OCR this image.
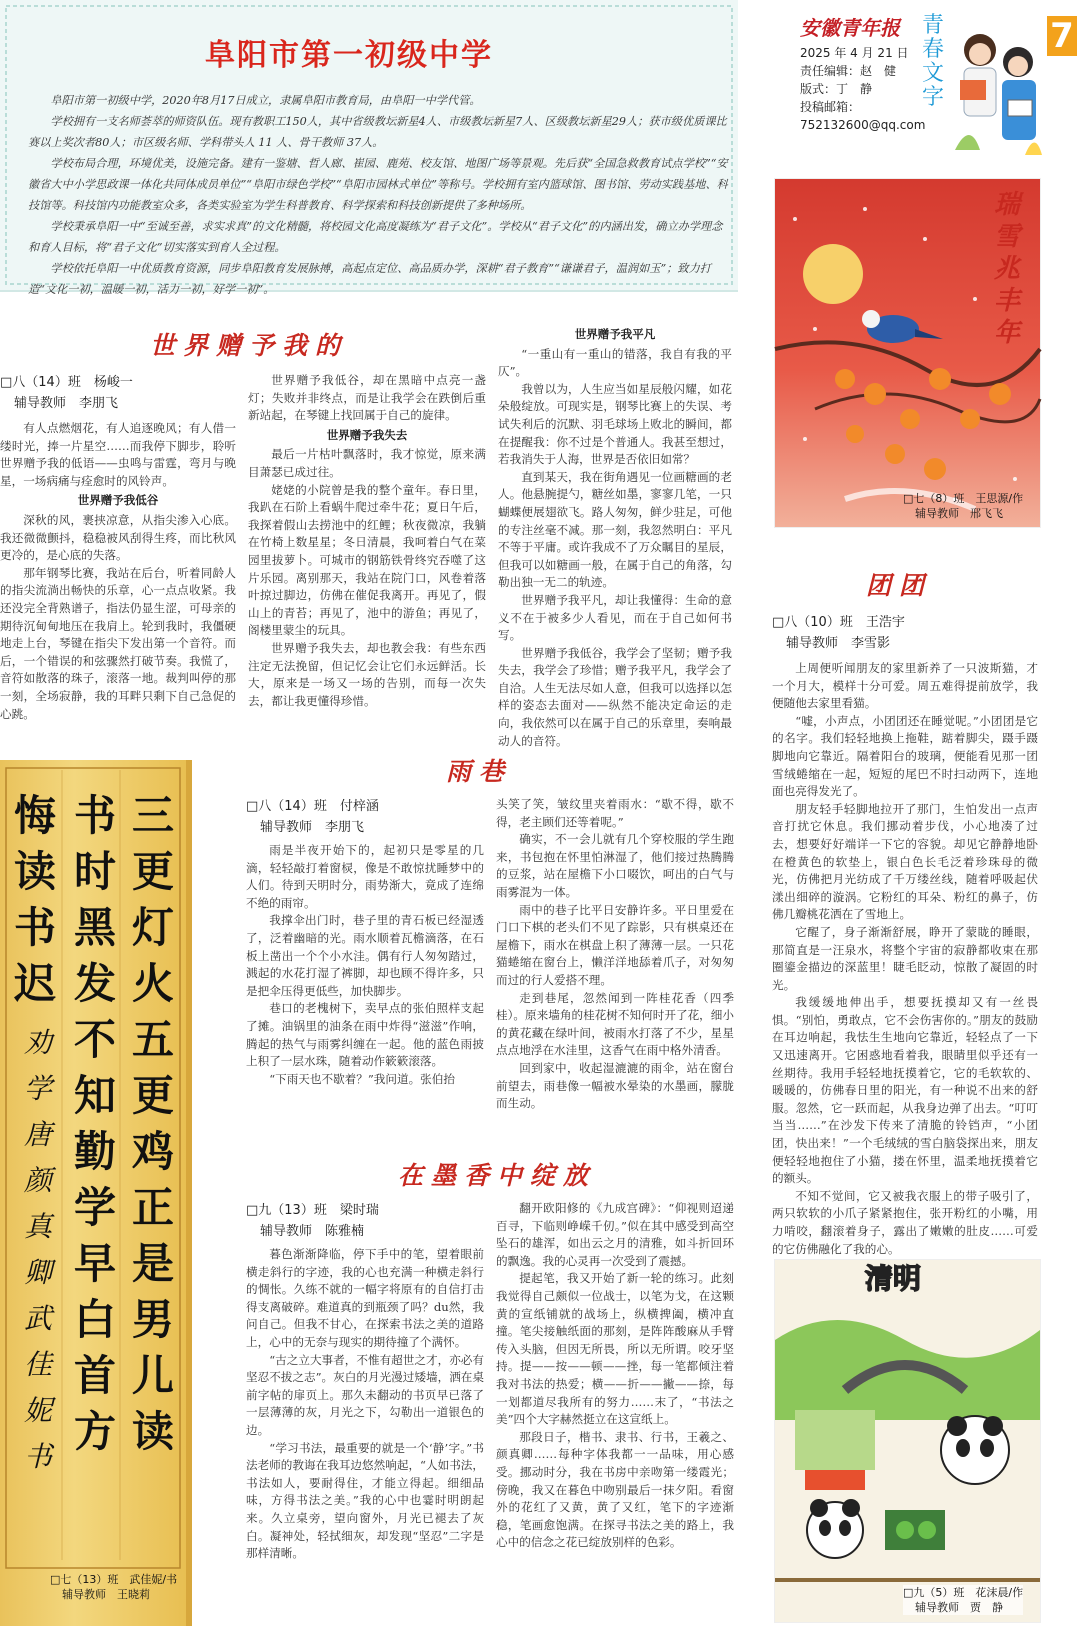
安徽青年报
2025 年 4 月 21 日
责任编辑：赵　健
版式：丁　静
投稿邮箱：
752132600@qq.com
青春文字
7
阜阳市第一初级中学

阜阳市第一初级中学，2020年8月17日成立，隶属阜阳市教育局，由阜阳一中学代管。

学校拥有一支名师荟萃的师资队伍。现有教职工150人，其中省级教坛新星4人、市级教坛新星7人、区级教坛新星29人；获市级优质课比赛以上奖次者80人；市区级名师、学科带头人 11 人、骨干教师 37人。

学校布局合理，环境优美，设施完备。建有一鉴塘、哲人廊、崔园、鹿苑、校友馆、地图广场等景观。先后获“全国急救教育试点学校”“安徽省大中小学思政课一体化共同体成员单位”“阜阳市绿色学校”“阜阳市园林式单位”等称号。学校拥有室内篮球馆、图书馆、劳动实践基地、科技馆等。科技馆内功能教室众多，各类实验室为学生科普教育、科学探索和科技创新提供了多种场所。

学校秉承阜阳一中“至诚至善，求实求真”的文化精髓，将校园文化高度凝练为“君子文化”。学校从“君子文化”的内涵出发，确立办学理念和育人目标，将“君子文化”切实落实到育人全过程。

学校依托阜阳一中优质教育资源，同步阜阳教育发展脉搏，高起点定位、高品质办学，深耕“君子教育”“谦谦君子，温润如玉”；致力打造“文化一初，温暖一初，活力一初，好学一初”。

瑞雪兆丰年
□七（8）班　王思源/作
辅导教师　邢飞飞
清明
□九（5）班　花沫晨/作
辅导教师　贾　静
三更灯火五更鸡正是男儿读
书时黑发不知勤学早白首方
悔读书迟
劝学唐颜真卿武佳妮书
□七（13）班　武佳妮/书
辅导教师　王晓莉
世界赠予我的
□八（14）班　杨峻一
辅导教师　李朋飞

有人点燃烟花，有人追逐晚风；有人借一缕时光，捧一片星空……而我停下脚步，聆听世界赠予我的低语——虫鸣与雷霆，弯月与晚星，一场病痛与痊愈时的风铃声。

世界赠予我低谷

深秋的风，裹挟凉意，从指尖渗入心底。我还微微颤抖，稳稳被风刮得生疼，而比秋风更冷的，是心底的失落。

那年钢琴比赛，我站在后台，听着同龄人的指尖流淌出畅快的乐章，心一点点收紧。我还没完全背熟谱子，指法仍显生涩，可母亲的期待沉甸甸地压在我肩上。轮到我时，我僵硬地走上台，琴键在指尖下发出第一个音符。而后，一个错误的和弦骤然打破节奏。我慌了，音符如散落的珠子，滚落一地。裁判叫停的那一刻，全场寂静，我的耳畔只剩下自己急促的心跳。

世界赠予我低谷，却在黑暗中点亮一盏灯；失败并非终点，而是让我学会在跌倒后重新站起，在琴键上找回属于自己的旋律。

世界赠予我失去

最后一片枯叶飘落时，我才惊觉，原来满目萧瑟已成过往。

姥姥的小院曾是我的整个童年。春日里，我趴在石阶上看蜗牛爬过牵牛花；夏日午后，我探着假山去捞池中的红鲤；秋夜微凉，我躺在竹椅上数星星；冬日清晨，我呵着白气在菜园里拔萝卜。可城市的钢筋铁骨终究吞噬了这片乐园。离别那天，我站在院门口，风卷着落叶掠过脚边，仿佛在催促我离开。再见了，假山上的青苔；再见了，池中的游鱼；再见了，阁楼里蒙尘的玩具。

世界赠予我失去，却也教会我：有些东西注定无法挽留，但记忆会让它们永远鲜活。长大，原来是一场又一场的告别，而每一次失去，都让我更懂得珍惜。

世界赠予我平凡

“一重山有一重山的错落，我自有我的平仄”。

我曾以为，人生应当如星辰般闪耀，如花朵般绽放。可现实是，钢琴比赛上的失误、考试失利后的沉默、羽毛球场上败北的瞬间，都在提醒我：你不过是个普通人。我甚至想过，若我消失于人海，世界是否依旧如常？

直到某天，我在街角遇见一位画糖画的老人。他悬腕提勺，糖丝如墨，寥寥几笔，一只蝴蝶便展翅欲飞。路人匆匆，鲜少驻足，可他的专注丝毫不减。那一刻，我忽然明白：平凡不等于平庸。或许我成不了万众瞩目的星辰，但我可以如糖画一般，在属于自己的角落，勾勒出独一无二的轨迹。

世界赠予我平凡，却让我懂得：生命的意义不在于被多少人看见，而在于自己如何书写。

世界赠予我低谷，我学会了坚韧；赠予我失去，我学会了珍惜；赠予我平凡，我学会了自洽。人生无法尽如人意，但我可以选择以怎样的姿态去面对——纵然不能决定命运的走向，我依然可以在属于自己的乐章里，奏响最动人的音符。

团团
□八（10）班　王浩宇
辅导教师　李雪影

上周便听闻朋友的家里新养了一只波斯猫，才一个月大，模样十分可爱。周五难得提前放学，我便随他去家里看猫。

“嘘，小声点，小团团还在睡觉呢。”小团团是它的名字。我们轻轻地换上拖鞋，踮着脚尖，蹑手蹑脚地向它靠近。隔着阳台的玻璃，便能看见那一团雪绒蜷缩在一起，短短的尾巴不时扫动两下，连地面也亮得发光了。

朋友轻手轻脚地拉开了那门，生怕发出一点声音打扰它休息。我们挪动着步伐，小心地凑了过去，想要好好端详一下它的容貌。却见它静静地卧在橙黄色的软垫上，银白色长毛泛着珍珠母的微光，仿佛把月光纺成了千万缕丝线，随着呼吸起伏漾出细碎的漩涡。它粉红的耳朵、粉红的鼻子，仿佛几瓣桃花洒在了雪地上。

它醒了，身子渐渐舒展，睁开了蒙眬的睡眼，那简直是一汪泉水，将整个宇宙的寂静都收束在那圈鎏金描边的深蓝里！睫毛眨动，惊散了凝固的时光。

我缓缓地伸出手，想要抚摸却又有一丝畏惧。“别怕，勇敢点，它不会伤害你的。”朋友的鼓励在耳边响起，我怯生生地向它靠近，轻轻点了一下又迅速离开。它困惑地看着我，眼睛里似乎还有一丝期待。我用手轻轻地抚摸着它，它的毛软软的、暖暖的，仿佛春日里的阳光，有一种说不出来的舒服。忽然，它一跃而起，从我身边弹了出去。“叮叮当当……”在沙发下传来了清脆的铃铛声，“小团团，快出来！”一个毛绒绒的雪白脑袋探出来，朋友便轻轻地抱住了小猫，搂在怀里，温柔地抚摸着它的额头。

不知不觉间，它又被我衣服上的带子吸引了，两只软软的小爪子紧紧抱住，张开粉红的小嘴，用力啃咬，翻滚着身子，露出了嫩嫩的肚皮……可爱的它仿佛融化了我的心。

雨巷
□八（14）班　付梓涵
辅导教师　李朋飞

雨是半夜开始下的，起初只是零星的几滴，轻轻敲打着窗棂，像是不敢惊扰睡梦中的人们。待到天明时分，雨势渐大，竟成了连绵不绝的雨帘。

我撑伞出门时，巷子里的青石板已经湿透了，泛着幽暗的光。雨水顺着瓦檐滴落，在石板上凿出一个个小水洼。偶有行人匆匆踏过，溅起的水花打湿了裤脚，却也顾不得许多，只是把伞压得更低些，加快脚步。

巷口的老槐树下，卖早点的张伯照样支起了摊。油锅里的油条在雨中炸得“滋滋”作响，腾起的热气与雨雾纠缠在一起。他的蓝色雨披上积了一层水珠，随着动作簌簌滚落。

“下雨天也不歇着？”我问道。张伯抬

头笑了笑，皱纹里夹着雨水：“歇不得，歇不得，老主顾们还等着呢。”

确实，不一会儿就有几个穿校服的学生跑来，书包抱在怀里怕淋湿了，他们接过热腾腾的豆浆，站在屋檐下小口啜饮，呵出的白气与雨雾混为一体。

雨中的巷子比平日安静许多。平日里爱在门口下棋的老头们不见了踪影，只有棋桌还在屋檐下，雨水在棋盘上积了薄薄一层。一只花猫蜷缩在窗台上，懒洋洋地舔着爪子，对匆匆而过的行人爱搭不理。

走到巷尾，忽然闻到一阵桂花香（四季桂）。原来墙角的桂花树不知何时开了花，细小的黄花藏在绿叶间，被雨水打落了不少，星星点点地浮在水洼里，这香气在雨中格外清香。

回到家中，收起湿漉漉的雨伞，站在窗台前望去，雨巷像一幅被水晕染的水墨画，朦胧而生动。

在墨香中绽放
□九（13）班　梁时瑞
辅导教师　陈雅楠

暮色渐渐降临，停下手中的笔，望着眼前横走斜行的字迹，我的心也充满一种横走斜行的惆怅。久练不就的一幅字将原有的自信打击得支离破碎。难道真的到瓶颈了吗？du然，我问自己。但我不甘心，在探索书法之美的道路上，心中的无奈与现实的期待撞了个满怀。

“古之立大事者，不惟有超世之才，亦必有坚忍不拔之志”。灰白的月光漫过矮墙，洒在桌前字帖的扉页上。那久未翻动的书页早已落了一层薄薄的灰，月光之下，勾勒出一道银色的边。

“学习书法，最重要的就是一个‘静’字。”书法老师的教诲在我耳边悠然响起，“人如书法，书法如人，要耐得住，才能立得起。细细品味，方得书法之美。”我的心中也霎时明朗起来。久立桌旁，望向窗外，月光已褪去了灰白。凝神处，轻拭细灰，却发现“坚忍”二字是那样清晰。

翻开欧阳修的《九成宫碑》：“仰视则迢递百寻，下临则峥嵘千仞。”似在其中感受到高空坠石的雄浑，如出云之月的清雅，如斗折回环的飘逸。我的心灵再一次受到了震撼。

提起笔，我又开始了新一轮的练习。此刻我觉得自己颇似一位战士，以笔为戈，在这颗黄的宣纸铺就的战场上，纵横捭阖，横冲直撞。笔尖接触纸面的那刻，是阵阵酸麻从手臂传入头脑，但因无所畏，所以无所谓。咬牙坚持。提——按——顿——挫，每一笔都倾注着我对书法的热爱；横——折——撇——捺，每一划都道尽我所有的努力……末了，“书法之美”四个大字赫然挺立在这宣纸上。

那段日子，楷书、隶书、行书，王羲之、颜真卿……每种字体我都一一品味，用心感受。挪动时分，我在书房中亲吻第一缕霞光；傍晚，我又在暮色中吻别最后一抹夕阳。看窗外的花红了又黄，黄了又红，笔下的字迹渐稳，笔画愈饱满。在探寻书法之美的路上，我心中的信念之花已绽放别样的色彩。
